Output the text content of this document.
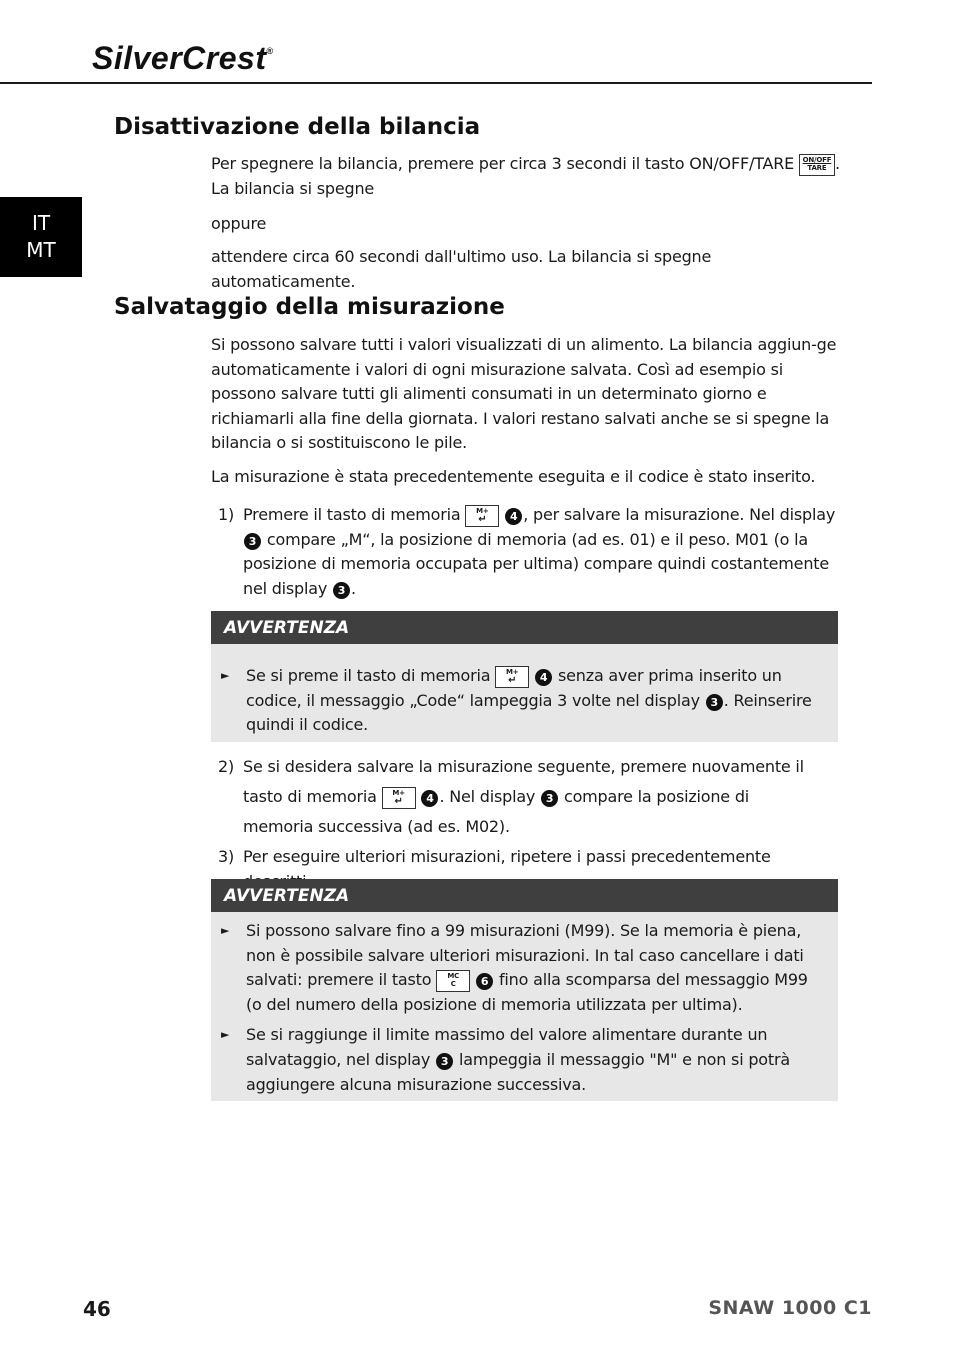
SilverCrest®
IT
MT
Disattivazione della bilancia

Per spegnere la bilancia, premere per circa 3 secondi il tasto ON/OFF/TARE ON/OFF
TARE .
La bilancia si spegne

oppure

attendere circa 60 secondi dall'ultimo uso. La bilancia si spegne automaticamente.

Salvataggio della misurazione

Si possono salvare tutti i valori visualizzati di un alimento. La bilancia aggiun-ge automaticamente i valori di ogni misurazione salvata. Così ad esempio si possono salvare tutti gli alimenti consumati in un determinato giorno e richiamarli alla fine della giornata. I valori restano salvati anche se si spegne la bilancia o si sostituiscono le pile.

La misurazione è stata precedentemente eseguita e il codice è stato inserito.

1) Premere il tasto di memoria M+
↵	4 , per salvare la misurazione. Nel display 3 compare „M“, la posizione di memoria (ad es. 01) e il peso. M01 (o la posizione di memoria occupata per ultima) compare quindi costantemente nel display 3 .
AVVERTENZA
► Se si preme il tasto di memoria M+
↵	4 senza aver prima inserito un codice, il messaggio „Code“ lampeggia 3 volte nel display 3 . Reinserire quindi il codice.
2) Se si desidera salvare la misurazione seguente, premere nuovamente il tasto di memoria M+
↵	4 . Nel display 3 compare la posizione di memoria successiva (ad es. M02).
3) Per eseguire ulteriori misurazioni, ripetere i passi precedentemente
AVVERTENZA
► Si possono salvare fino a 99 misurazioni (M99). Se la memoria è piena, non è possibile salvare ulteriori misurazioni. In tal caso cancellare i dati salvati: premere il tasto MC
C 6 fino alla scomparsa del messaggio M99 (o del numero della posizione di memoria utilizzata per ultima).
► Se si raggiunge il limite massimo del valore alimentare durante un salvataggio, nel display 3 lampeggia il messaggio "M" e non si potrà aggiungere alcuna misurazione successiva.
46	SNAW 1000 C1
